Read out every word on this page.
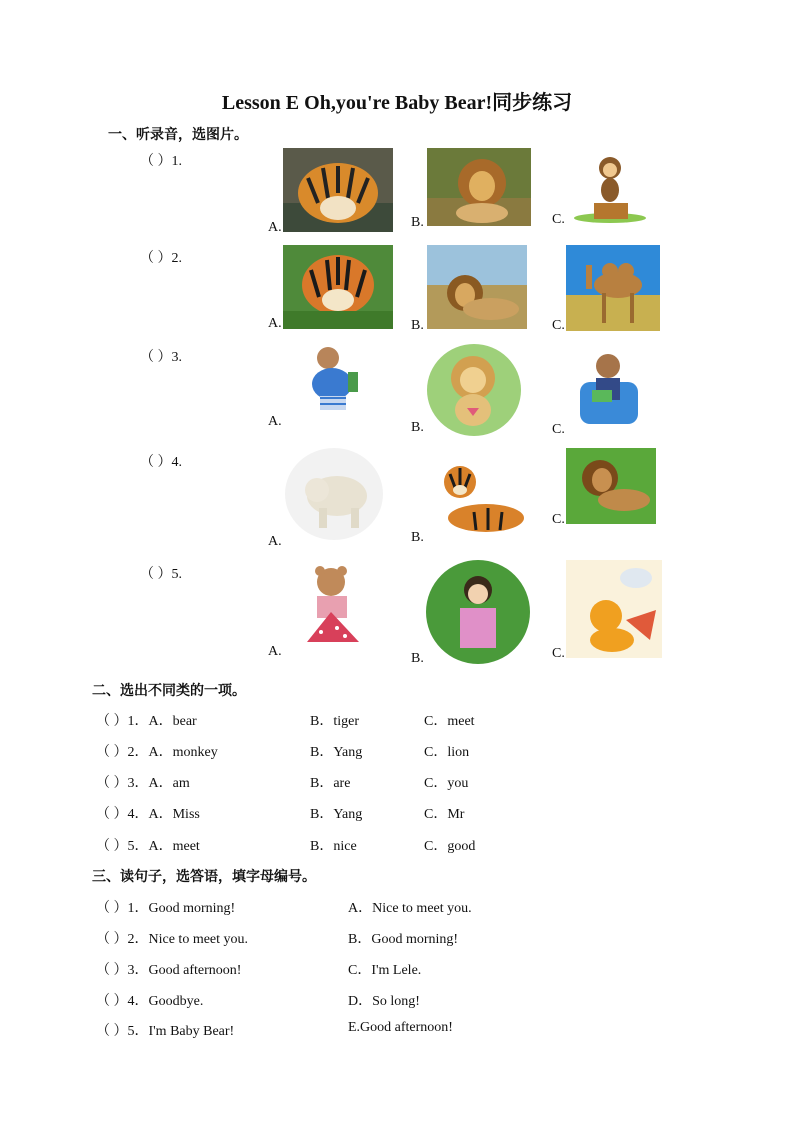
Lesson E Oh,you're Baby Bear!同步练习
一、听录音，选图片。
（ ）1.
A.	B.	C.
（ ）2.
A.	B.	C.
（ ）3.
A.	B.	C.
（ ）4.
A.	B.
C.
（ ）5.
A.	B.	C.
二、选出不同类的一项。
（ ）1．A．bear	B．tiger	C．meet
（ ）2．A．monkey	B．Yang	C．lion
（ ）3．A．am	B．are	C．you
（ ）4．A．Miss	B．Yang	C．Mr
（ ）5．A．meet	B．nice	C．good
三、读句子，选答语，填字母编号。
（ ）1．Good morning!	A．Nice to meet you.
（ ）2．Nice to meet you.	B．Good morning!
（ ）3．Good afternoon!	C．I'm Lele.
（ ）4．Goodbye.	D．So long!
（ ）5．I'm Baby Bear!	E.Good afternoon!
